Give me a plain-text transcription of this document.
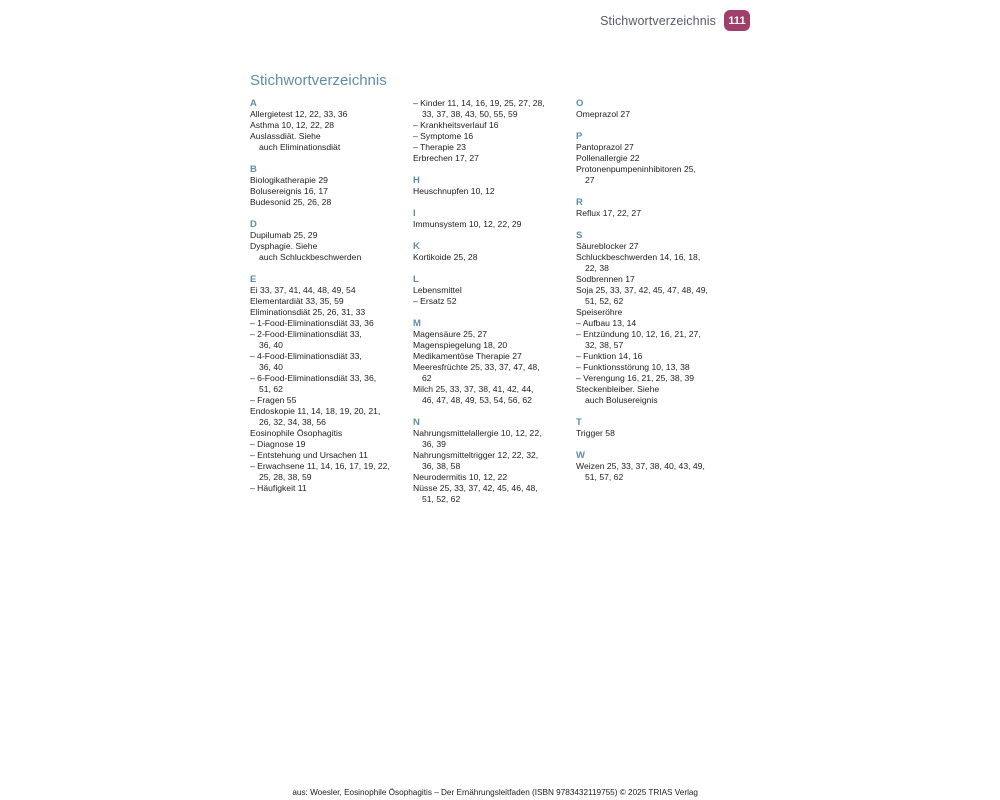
Stichwortverzeichnis	111
Stichwortverzeichnis
A
Allergietest 12, 22, 33, 36
Asthma 10, 12, 22, 28
Auslassdiät. Siehe
auch Eliminationsdiät
B
Biologikatherapie 29
Bolusereignis 16, 17
Budesonid 25, 26, 28
D
Dupilumab 25, 29
Dysphagie. Siehe
auch Schluckbeschwerden
E
Ei 33, 37, 41, 44, 48, 49, 54
Elementardiät 33, 35, 59
Eliminationsdiät 25, 26, 31, 33
– 1-Food-Eliminationsdiät 33, 36
– 2-Food-Eliminationsdiät 33,
36, 40
– 4-Food-Eliminationsdiät 33,
36, 40
– 6-Food-Eliminationsdiät 33, 36,
51, 62
– Fragen 55
Endoskopie 11, 14, 18, 19, 20, 21,
26, 32, 34, 38, 56
Eosinophile Ösophagitis
– Diagnose 19
– Entstehung und Ursachen 11
– Erwachsene 11, 14, 16, 17, 19, 22,
25, 28, 38, 59
– Häufigkeit 11
– Kinder 11, 14, 16, 19, 25, 27, 28,
33, 37, 38, 43, 50, 55, 59
– Krankheitsverlauf 16
– Symptome 16
– Therapie 23
Erbrechen 17, 27
H
Heuschnupfen 10, 12
I
Immunsystem 10, 12, 22, 29
K
Kortikoide 25, 28
L
Lebensmittel
– Ersatz 52
M
Magensäure 25, 27
Magenspiegelung 18, 20
Medikamentöse Therapie 27
Meeresfrüchte 25, 33, 37, 47, 48,
62
Milch 25, 33, 37, 38, 41, 42, 44,
46, 47, 48, 49, 53, 54, 56, 62
N
Nahrungsmittelallergie 10, 12, 22,
36, 39
Nahrungsmitteltrigger 12, 22, 32,
36, 38, 58
Neurodermitis 10, 12, 22
Nüsse 25, 33, 37, 42, 45, 46, 48,
51, 52, 62
O
Omeprazol 27
P
Pantoprazol 27
Pollenallergie 22
Protonenpumpeninhibitoren 25,
27
R
Reflux 17, 22, 27
S
Säureblocker 27
Schluckbeschwerden 14, 16, 18,
22, 38
Sodbrennen 17
Soja 25, 33, 37, 42, 45, 47, 48, 49,
51, 52, 62
Speiseröhre
– Aufbau 13, 14
– Entzündung 10, 12, 16, 21, 27,
32, 38, 57
– Funktion 14, 16
– Funktionsstörung 10, 13, 38
– Verengung 16, 21, 25, 38, 39
Steckenbleiber. Siehe
auch Bolusereignis
T
Trigger 58
W
Weizen 25, 33, 37, 38, 40, 43, 49,
51, 57, 62
aus: Woesler, Eosinophile Ösophagitis – Der Ernährungsleitfaden (ISBN 9783432119755) © 2025 TRIAS Verlag
